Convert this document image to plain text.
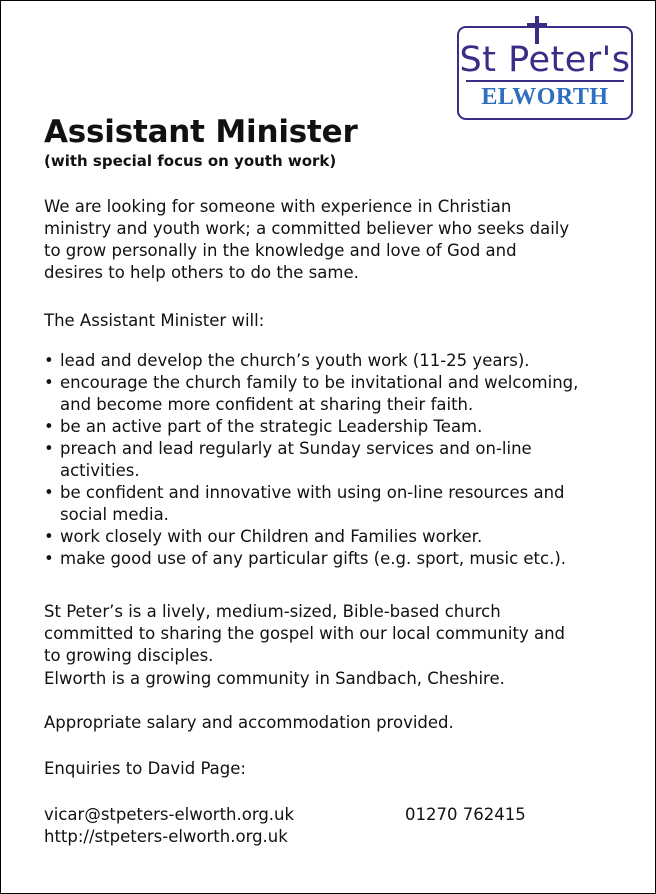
St Peter's
ELWORTH
Assistant Minister
(with special focus on youth work)
We are looking for someone with experience in Christian
ministry and youth work; a committed believer who seeks daily
to grow personally in the knowledge and love of God and
desires to help others to do the same.
The Assistant Minister will:
• lead and develop the church’s youth work (11-25 years).
• encourage the church family to be invitational and welcoming,
and become more confident at sharing their faith.
• be an active part of the strategic Leadership Team.
• preach and lead regularly at Sunday services and on-line
activities.
• be confident and innovative with using on-line resources and
social media.
• work closely with our Children and Families worker.
• make good use of any particular gifts (e.g. sport, music etc.).
St Peter’s is a lively, medium-sized, Bible-based church
committed to sharing the gospel with our local community and
to growing disciples.
Elworth is a growing community in Sandbach, Cheshire.
Appropriate salary and accommodation provided.
Enquiries to David Page:
vicar@stpeters-elworth.org.uk	01270 762415
http://stpeters-elworth.org.uk
